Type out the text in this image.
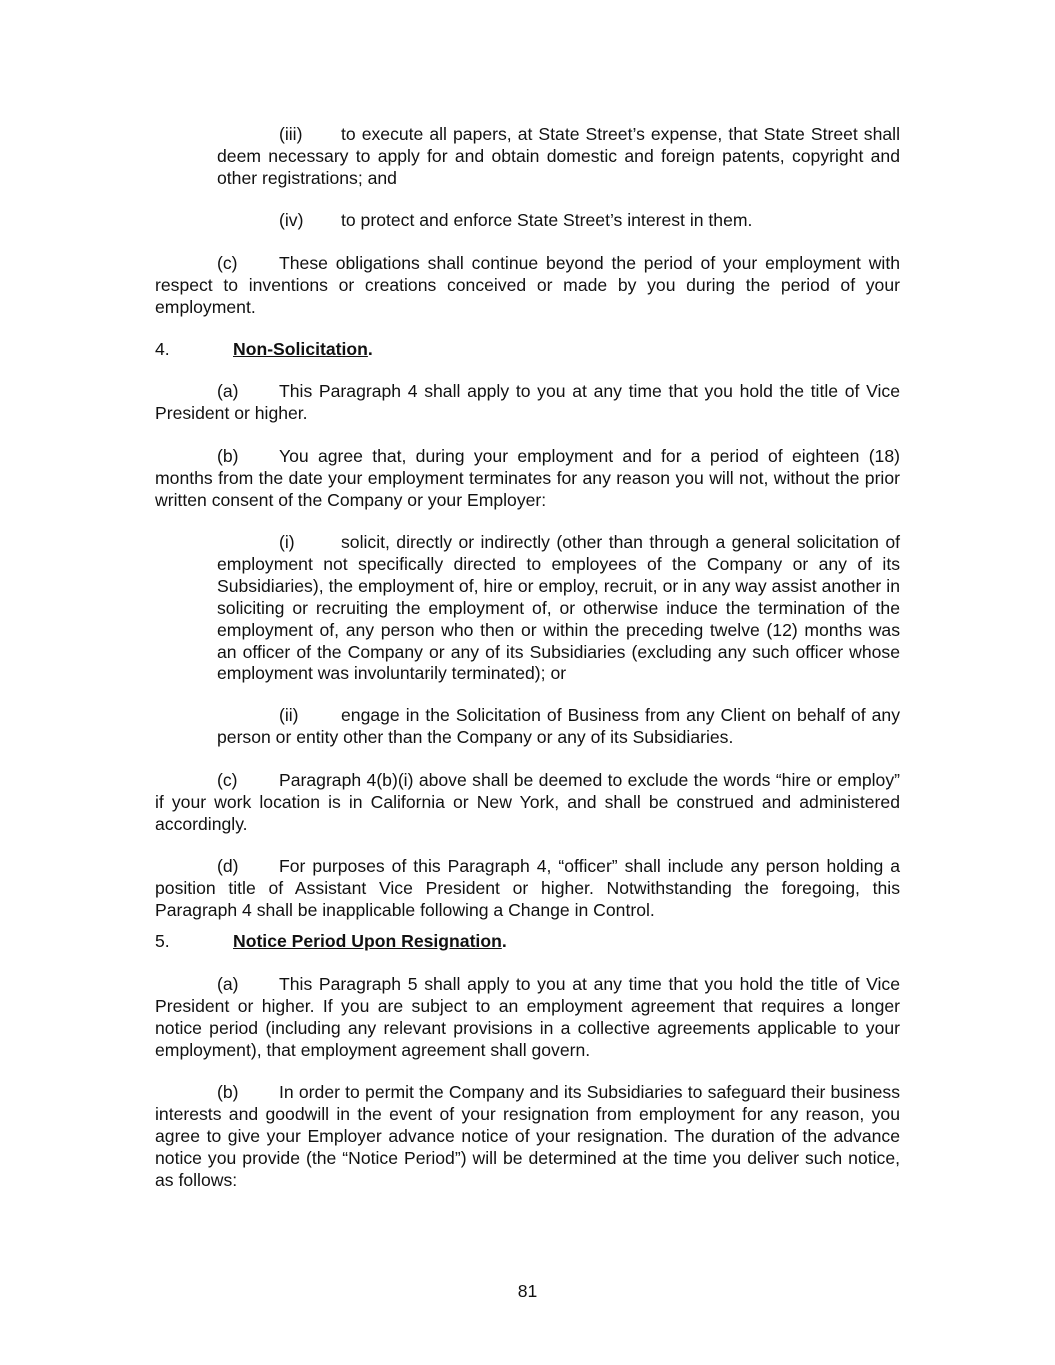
(iii) to execute all papers, at State Street’s expense, that State Street shall deem necessary to apply for and obtain domestic and foreign patents, copyright and other registrations; and

(iv) to protect and enforce State Street’s interest in them.

(c) These obligations shall continue beyond the period of your employment with respect to inventions or creations conceived or made by you during the period of your employment.

4.	Non-Solicitation.

(a) This Paragraph 4 shall apply to you at any time that you hold the title of Vice President or higher.

(b) You agree that, during your employment and for a period of eighteen (18) months from the date your employment terminates for any reason you will not, without the prior written consent of the Company or your Employer:

(i)	solicit, directly or indirectly (other than through a general solicitation of employment not specifically directed to employees of the Company or any of its Subsidiaries), the employment of, hire or employ, recruit, or in any way assist another in soliciting or recruiting the employment of, or otherwise induce the termination of the employment of, any person who then or within the preceding twelve (12) months was an officer of the Company or any of its Subsidiaries (excluding any such officer whose employment was involuntarily terminated); or

(ii) engage in the Solicitation of Business from any Client on behalf of any person or entity other than the Company or any of its Subsidiaries.

(c) Paragraph 4(b)(i) above shall be deemed to exclude the words “hire or employ” if your work location is in California or New York, and shall be construed and administered accordingly.

(d) For purposes of this Paragraph 4, “officer” shall include any person holding a position title of Assistant Vice President or higher. Notwithstanding the foregoing, this Paragraph 4 shall be inapplicable following a Change in Control.

5.	Notice Period Upon Resignation.

(a) This Paragraph 5 shall apply to you at any time that you hold the title of Vice President or higher. If you are subject to an employment agreement that requires a longer notice period (including any relevant provisions in a collective agreements applicable to your employment), that employment agreement shall govern.

(b) In order to permit the Company and its Subsidiaries to safeguard their business interests and goodwill in the event of your resignation from employment for any reason, you agree to give your Employer advance notice of your resignation. The duration of the advance notice you provide (the “Notice Period”) will be determined at the time you deliver such notice, as follows:

81
